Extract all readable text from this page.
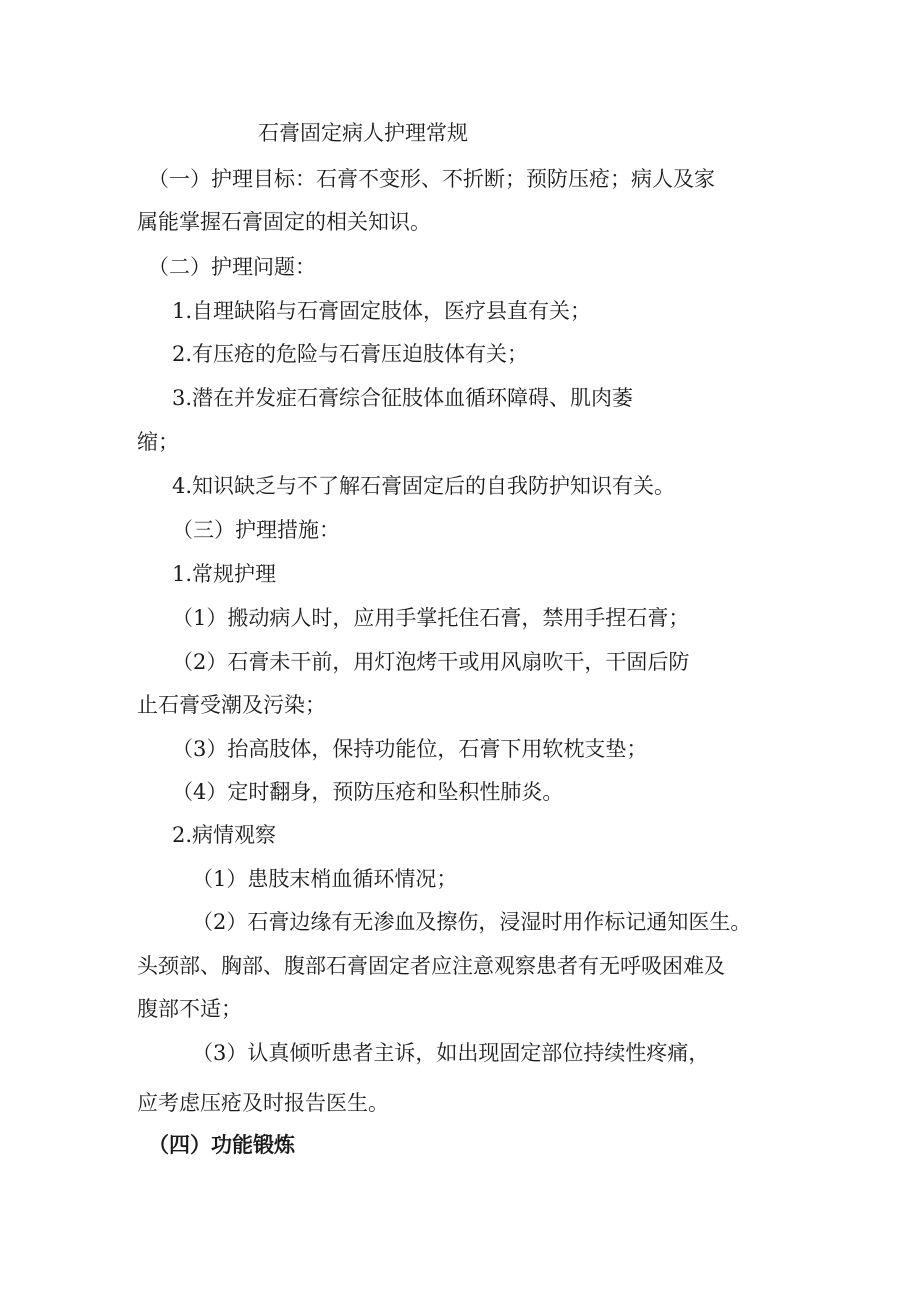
石膏固定病人护理常规
（一）护理目标：石膏不变形、不折断；预防压疮；病人及家
属能掌握石膏固定的相关知识。
（二）护理问题：
1.自理缺陷与石膏固定肢体，医疗县直有关；
2.有压疮的危险与石膏压迫肢体有关；
3.潜在并发症石膏综合征肢体血循环障碍、肌肉萎
缩；
4.知识缺乏与不了解石膏固定后的自我防护知识有关。
（三）护理措施：
1.常规护理
（1）搬动病人时，应用手掌托住石膏，禁用手捏石膏；
（2）石膏未干前，用灯泡烤干或用风扇吹干，干固后防
止石膏受潮及污染；
（3）抬高肢体，保持功能位，石膏下用软枕支垫；
（4）定时翻身，预防压疮和坠积性肺炎。
2.病情观察
（1）患肢末梢血循环情况；
（2）石膏边缘有无渗血及擦伤，浸湿时用作标记通知医生。
头颈部、胸部、腹部石膏固定者应注意观察患者有无呼吸困难及
腹部不适；
（3）认真倾听患者主诉，如出现固定部位持续性疼痛，
应考虑压疮及时报告医生。
（四）功能锻炼
